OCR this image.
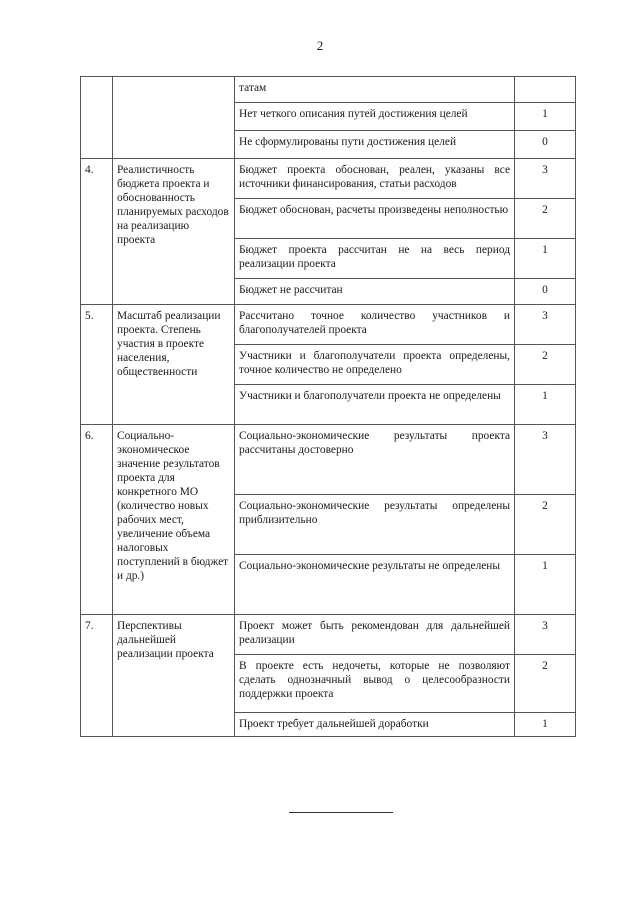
2
		татам	
		Нет четкого описания путей достижения целей	1
		Не сформулированы пути достижения целей	0
4.	Реалистичность бюджета проекта и обоснованность планируемых расходов на реализацию проекта	Бюджет проекта обоснован, реален, указаны все источники финансирования, статьи расходов	3
		Бюджет обоснован, расчеты произведены неполностью	2
		Бюджет проекта рассчитан не на весь период реализации проекта	1
		Бюджет не рассчитан	0
5.	Масштаб реализации проекта. Степень участия в проекте населения, общественности	Рассчитано точное количество участников и благополучателей проекта	3
		Участники и благополучатели проекта определены, точное количество не определено	2
		Участники и благополучатели проекта не определены	1
6.	Социально-экономическое значение результатов проекта для конкретного МО (количество новых рабочих мест, увеличение объема налоговых поступлений в бюджет и др.)	Социально-экономические результаты проекта рассчитаны достоверно	3
		Социально-экономические результаты определены приблизительно	2
		Социально-экономические результаты не определены	1
7.	Перспективы дальнейшей реализации проекта	Проект может быть рекомендован для дальнейшей реализации	3
		В проекте есть недочеты, которые не позволяют сделать однозначный вывод о целесообразности поддержки проекта	2
		Проект требует дальнейшей доработки	1
